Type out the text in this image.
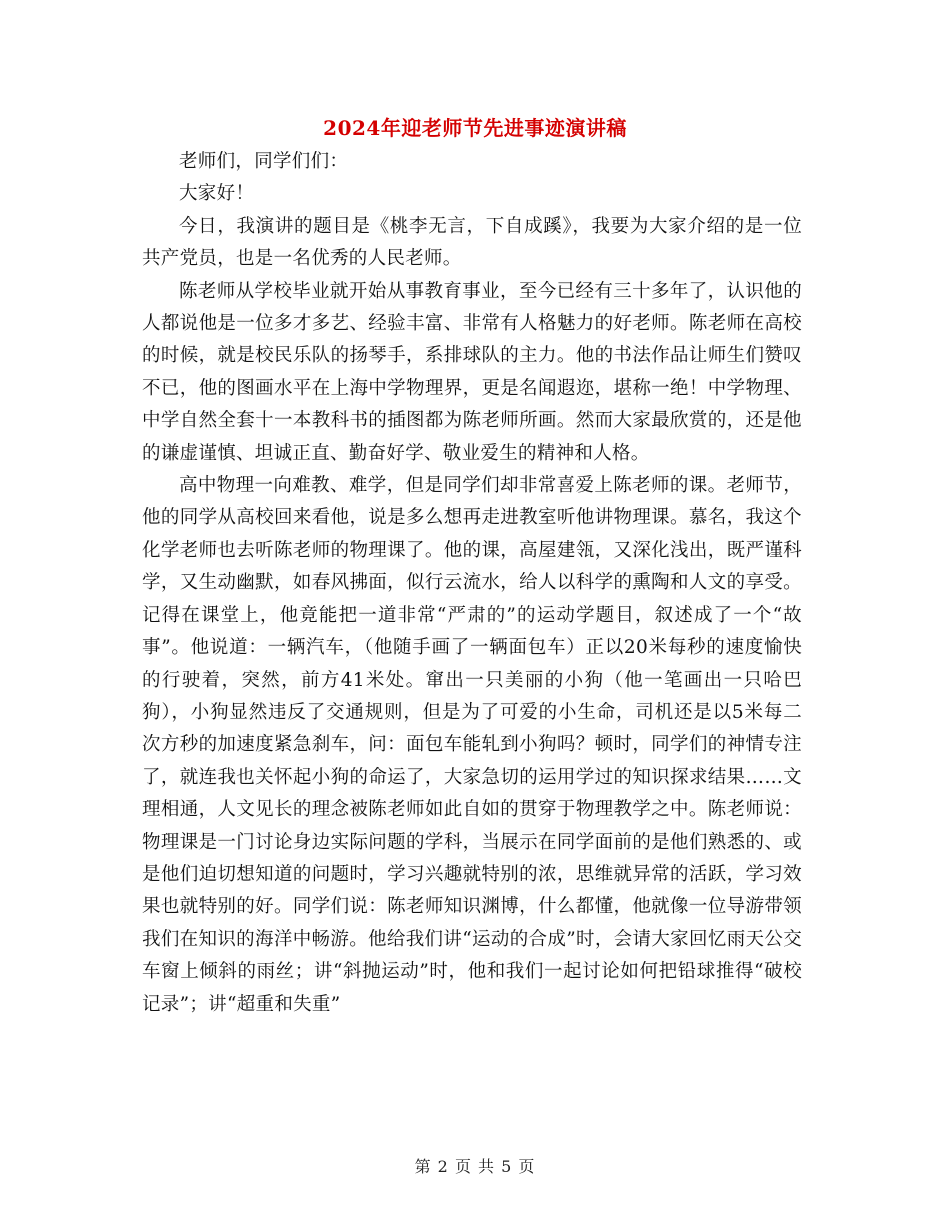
2024年迎老师节先进事迹演讲稿

老师们，同学们们：

大家好！

今日，我演讲的题目是《桃李无言，下自成蹊》，我要为大家介绍的是一位共产党员，也是一名优秀的人民老师。

陈老师从学校毕业就开始从事教育事业，至今已经有三十多年了，认识他的人都说他是一位多才多艺、经验丰富、非常有人格魅力的好老师。陈老师在高校的时候，就是校民乐队的扬琴手，系排球队的主力。他的书法作品让师生们赞叹不已，他的图画水平在上海中学物理界，更是名闻遐迩，堪称一绝！中学物理、中学自然全套十一本教科书的插图都为陈老师所画。然而大家最欣赏的，还是他的谦虚谨慎、坦诚正直、勤奋好学、敬业爱生的精神和人格。

高中物理一向难教、难学，但是同学们却非常喜爱上陈老师的课。老师节，他的同学从高校回来看他，说是多么想再走进教室听他讲物理课。慕名，我这个化学老师也去听陈老师的物理课了。他的课，高屋建瓴，又深化浅出，既严谨科学，又生动幽默，如春风拂面，似行云流水，给人以科学的熏陶和人文的享受。记得在课堂上，他竟能把一道非常“严肃的”的运动学题目，叙述成了一个“故事”。他说道：一辆汽车，（他随手画了一辆面包车）正以20米每秒的速度愉快的行驶着，突然，前方41米处。窜出一只美丽的小狗（他一笔画出一只哈巴狗），小狗显然违反了交通规则，但是为了可爱的小生命，司机还是以5米每二次方秒的加速度紧急刹车，问：面包车能轧到小狗吗？顿时，同学们的神情专注了，就连我也关怀起小狗的命运了，大家急切的运用学过的知识探求结果……文理相通，人文见长的理念被陈老师如此自如的贯穿于物理教学之中。陈老师说：物理课是一门讨论身边实际问题的学科，当展示在同学面前的是他们熟悉的、或是他们迫切想知道的问题时，学习兴趣就特别的浓，思维就异常的活跃，学习效果也就特别的好。同学们说：陈老师知识渊博，什么都懂，他就像一位导游带领我们在知识的海洋中畅游。他给我们讲“运动的合成”时，会请大家回忆雨天公交车窗上倾斜的雨丝；讲“斜抛运动”时，他和我们一起讨论如何把铅球推得“破校记录”；讲“超重和失重”

第 2 页 共 5 页
